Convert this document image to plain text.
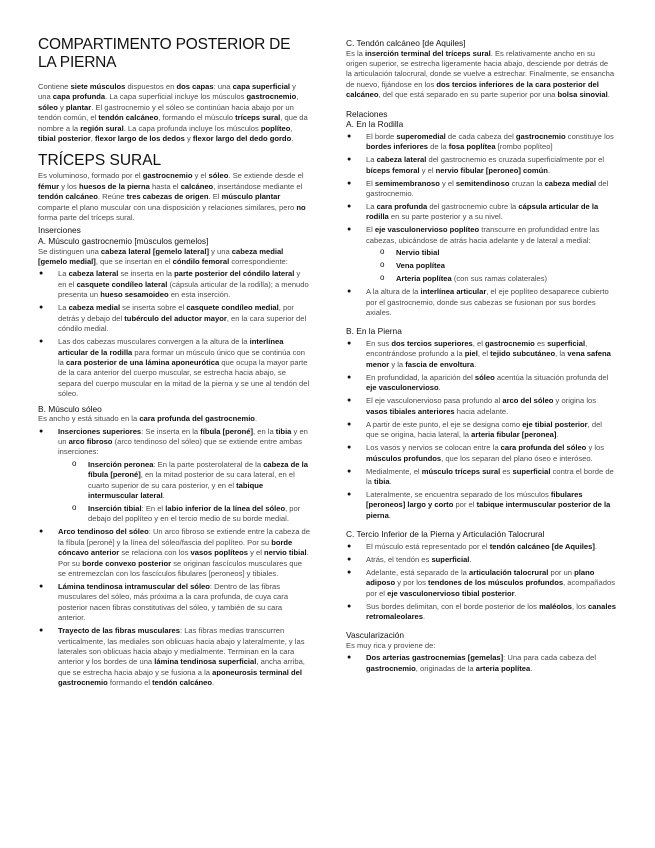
COMPARTIMENTO POSTERIOR DE LA PIERNA

Contiene siete músculos dispuestos en dos capas: una capa superficial y una capa profunda. La capa superficial incluye los músculos gastrocnemio, sóleo y plantar. El gastrocnemio y el sóleo se continúan hacia abajo por un tendón común, el tendón calcáneo, formando el músculo tríceps sural, que da nombre a la región sural. La capa profunda incluye los músculos poplíteo, tibial posterior, flexor largo de los dedos y flexor largo del dedo gordo.

TRÍCEPS SURAL

Es voluminoso, formado por el gastrocnemio y el sóleo. Se extiende desde el fémur y los huesos de la pierna hasta el calcáneo, insertándose mediante el tendón calcáneo. Reúne tres cabezas de origen. El músculo plantar comparte el plano muscular con una disposición y relaciones similares, pero no forma parte del tríceps sural.

Inserciones
A. Músculo gastrocnemio [músculos gemelos]

Se distinguen una cabeza lateral [gemelo lateral] y una cabeza medial [gemelo medial], que se insertan en el cóndilo femoral correspondiente:

● La cabeza lateral se inserta en la parte posterior del cóndilo lateral y en el casquete condíleo lateral (cápsula articular de la rodilla); a menudo presenta un hueso sesamoideo en esta inserción.
● La cabeza medial se inserta sobre el casquete condíleo medial, por detrás y debajo del tubérculo del aductor mayor, en la cara superior del cóndilo medial.
● Las dos cabezas musculares convergen a la altura de la interlínea articular de la rodilla para formar un músculo único que se continúa con la cara posterior de una lámina aponeurótica que ocupa la mayor parte de la cara anterior del cuerpo muscular, se estrecha hacia abajo, se separa del cuerpo muscular en la mitad de la pierna y se une al tendón del sóleo.
B. Músculo sóleo

Es ancho y está situado en la cara profunda del gastrocnemio.

● Inserciones superiores: Se inserta en la fíbula [peroné], en la tibia y en un arco fibroso (arco tendinoso del sóleo) que se extiende entre ambas inserciones:
o Inserción peronea: En la parte posterolateral de la cabeza de la fíbula [peroné], en la mitad posterior de su cara lateral, en el cuarto superior de su cara posterior, y en el tabique intermuscular lateral.
o Inserción tibial: En el labio inferior de la línea del sóleo, por debajo del poplíteo y en el tercio medio de su borde medial.
● Arco tendinoso del sóleo: Un arco fibroso se extiende entre la cabeza de la fíbula [peroné] y la línea del sóleo/fascia del poplíteo. Por su borde cóncavo anterior se relaciona con los vasos poplíteos y el nervio tibial. Por su borde convexo posterior se originan fascículos musculares que se entremezclan con los fascículos fibulares [peroneos] y tibiales.
● Lámina tendinosa intramuscular del sóleo: Dentro de las fibras musculares del sóleo, más próxima a la cara profunda, de cuya cara posterior nacen fibras constitutivas del sóleo, y también de su cara anterior.
● Trayecto de las fibras musculares: Las fibras medias transcurren verticalmente, las mediales son oblicuas hacia abajo y lateralmente, y las laterales son oblicuas hacia abajo y medialmente. Terminan en la cara anterior y los bordes de una lámina tendinosa superficial, ancha arriba, que se estrecha hacia abajo y se fusiona a la aponeurosis terminal del gastrocnemio formando el tendón calcáneo.
C. Tendón calcáneo [de Aquiles]

Es la inserción terminal del tríceps sural. Es relativamente ancho en su origen superior, se estrecha ligeramente hacia abajo, desciende por detrás de la articulación talocrural, donde se vuelve a estrechar. Finalmente, se ensancha de nuevo, fijándose en los dos tercios inferiores de la cara posterior del calcáneo, del que está separado en su parte superior por una bolsa sinovial.

Relaciones
A. En la Rodilla
● El borde superomedial de cada cabeza del gastrocnemio constituye los bordes inferiores de la fosa poplítea [rombo poplíteo]
● La cabeza lateral del gastrocnemio es cruzada superficialmente por el bíceps femoral y el nervio fibular [peroneo] común.
● El semimembranoso y el semitendinoso cruzan la cabeza medial del gastrocnemio.
● La cara profunda del gastrocnemio cubre la cápsula articular de la rodilla en su parte posterior y a su nivel.
● El eje vasculonervioso poplíteo transcurre en profundidad entre las cabezas, ubicándose de atrás hacia adelante y de lateral a medial:
o Nervio tibial
o Vena poplítea
o Arteria poplítea (con sus ramas colaterales)
● A la altura de la interlínea articular, el eje poplíteo desaparece cubierto por el gastrocnemio, donde sus cabezas se fusionan por sus bordes axiales.
B. En la Pierna
● En sus dos tercios superiores, el gastrocnemio es superficial, encontrándose profundo a la piel, el tejido subcutáneo, la vena safena menor y la fascia de envoltura.
● En profundidad, la aparición del sóleo acentúa la situación profunda del eje vasculonervioso.
● El eje vasculonervioso pasa profundo al arco del sóleo y origina los vasos tibiales anteriores hacia adelante.
● A partir de este punto, el eje se designa como eje tibial posterior, del que se origina, hacia lateral, la arteria fibular [peronea].
● Los vasos y nervios se colocan entre la cara profunda del sóleo y los músculos profundos, que los separan del plano óseo e interóseo.
● Medialmente, el músculo tríceps sural es superficial contra el borde de la tibia.
● Lateralmente, se encuentra separado de los músculos fibulares [peroneos] largo y corto por el tabique intermuscular posterior de la pierna.
C. Tercio Inferior de la Pierna y Articulación Talocrural
● El músculo está representado por el tendón calcáneo [de Aquiles].
● Atrás, el tendón es superficial.
● Adelante, está separado de la articulación talocrural por un plano adiposo y por los tendones de los músculos profundos, acompañados por el eje vasculonervioso tibial posterior.
● Sus bordes delimitan, con el borde posterior de los maléolos, los canales retromaleolares.
Vascularización

Es muy rica y proviene de:

● Dos arterias gastrocnemias [gemelas]: Una para cada cabeza del gastrocnemio, originadas de la arteria poplítea.
